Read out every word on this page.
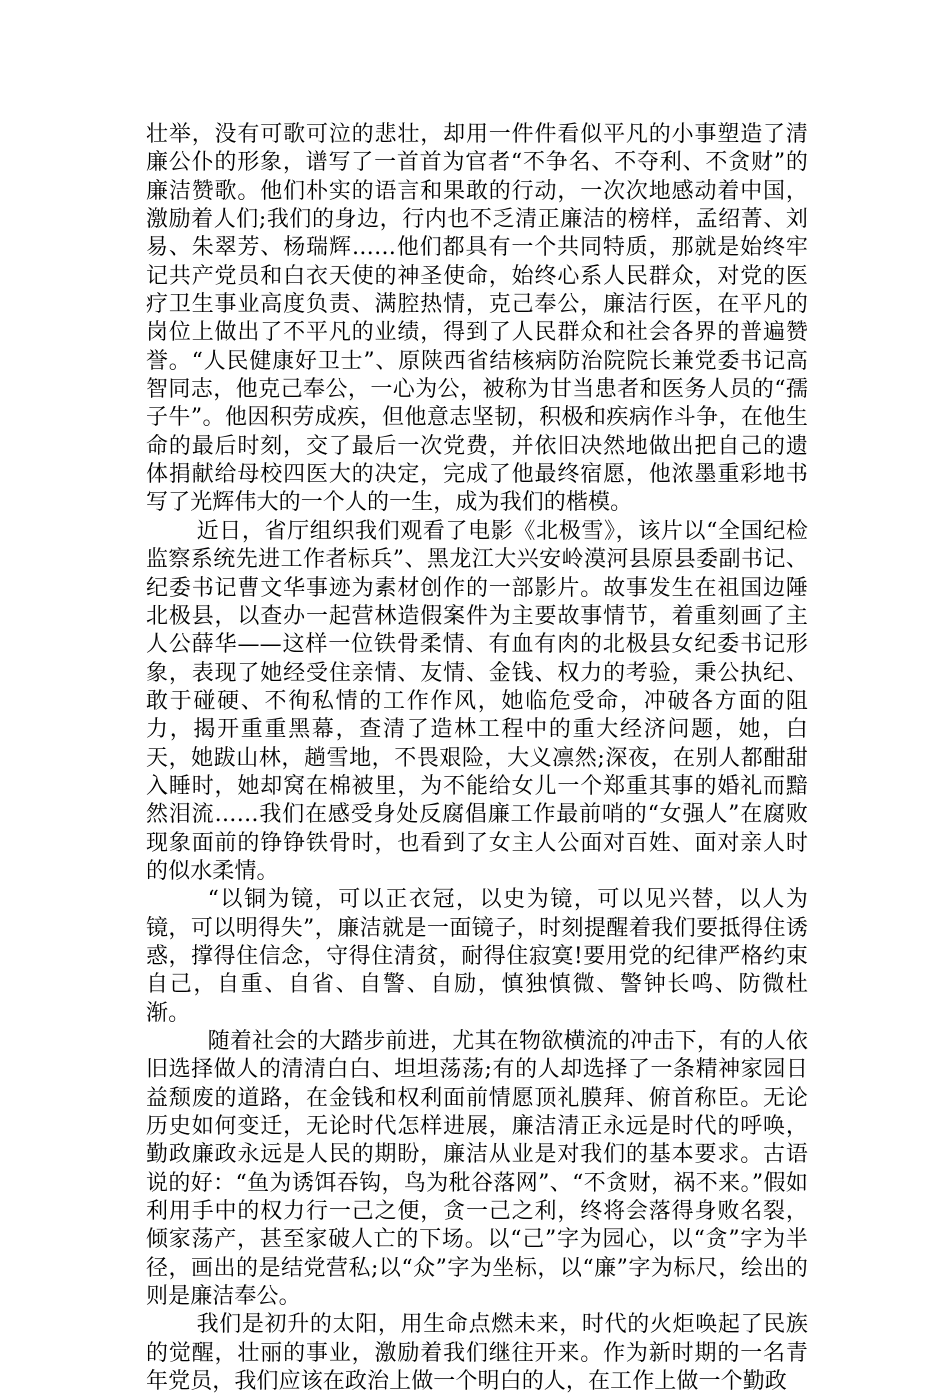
壮举，没有可歌可泣的悲壮，却用一件件看似平凡的小事塑造了清廉公仆的形象，谱写了一首首为官者“不争名、不夺利、不贪财”的廉洁赞歌。他们朴实的语言和果敢的行动，一次次地感动着中国，激励着人们;我们的身边，行内也不乏清正廉洁的榜样，孟绍菁、刘易、朱翠芳、杨瑞辉……他们都具有一个共同特质，那就是始终牢记共产党员和白衣天使的神圣使命，始终心系人民群众，对党的医疗卫生事业高度负责、满腔热情，克己奉公，廉洁行医，在平凡的岗位上做出了不平凡的业绩，得到了人民群众和社会各界的普遍赞誉。“人民健康好卫士”、原陕西省结核病防治院院长兼党委书记高智同志，他克己奉公，一心为公，被称为甘当患者和医务人员的“孺子牛”。他因积劳成疾，但他意志坚韧，积极和疾病作斗争，在他生命的最后时刻，交了最后一次党费，并依旧决然地做出把自己的遗体捐献给母校四医大的决定，完成了他最终宿愿，他浓墨重彩地书写了光辉伟大的一个人的一生，成为我们的楷模。

近日，省厅组织我们观看了电影《北极雪》，该片以“全国纪检监察系统先进工作者标兵”、黑龙江大兴安岭漠河县原县委副书记、纪委书记曹文华事迹为素材创作的一部影片。故事发生在祖国边陲北极县，以查办一起营林造假案件为主要故事情节，着重刻画了主人公薛华——这样一位铁骨柔情、有血有肉的北极县女纪委书记形象，表现了她经受住亲情、友情、金钱、权力的考验，秉公执纪、敢于碰硬、不徇私情的工作作风，她临危受命，冲破各方面的阻力，揭开重重黑幕，查清了造林工程中的重大经济问题，她，白天，她跋山林，趟雪地，不畏艰险，大义凛然;深夜，在别人都酣甜入睡时，她却窝在棉被里，为不能给女儿一个郑重其事的婚礼而黯然泪流……我们在感受身处反腐倡廉工作最前哨的“女强人”在腐败现象面前的铮铮铁骨时，也看到了女主人公面对百姓、面对亲人时的似水柔情。

“以铜为镜，可以正衣冠，以史为镜，可以见兴替，以人为镜，可以明得失”，廉洁就是一面镜子，时刻提醒着我们要抵得住诱惑，撑得住信念，守得住清贫，耐得住寂寞!要用党的纪律严格约束自己，自重、自省、自警、自励，慎独慎微、警钟长鸣、防微杜渐。

随着社会的大踏步前进，尤其在物欲横流的冲击下，有的人依旧选择做人的清清白白、坦坦荡荡;有的人却选择了一条精神家园日益颓废的道路，在金钱和权利面前情愿顶礼膜拜、俯首称臣。无论历史如何变迁，无论时代怎样进展，廉洁清正永远是时代的呼唤，勤政廉政永远是人民的期盼，廉洁从业是对我们的基本要求。古语说的好：“鱼为诱饵吞钩，鸟为秕谷落网”、“不贪财，祸不来。”假如利用手中的权力行一己之便，贪一己之利，终将会落得身败名裂，倾家荡产，甚至家破人亡的下场。以“己”字为园心，以“贪”字为半径，画出的是结党营私;以“众”字为坐标，以“廉”字为标尺，绘出的则是廉洁奉公。

我们是初升的太阳，用生命点燃未来，时代的火炬唤起了民族的觉醒，壮丽的事业，激励着我们继往开来。作为新时期的一名青年党员，我们应该在政治上做一个明白的人，在工作上做一个勤政
